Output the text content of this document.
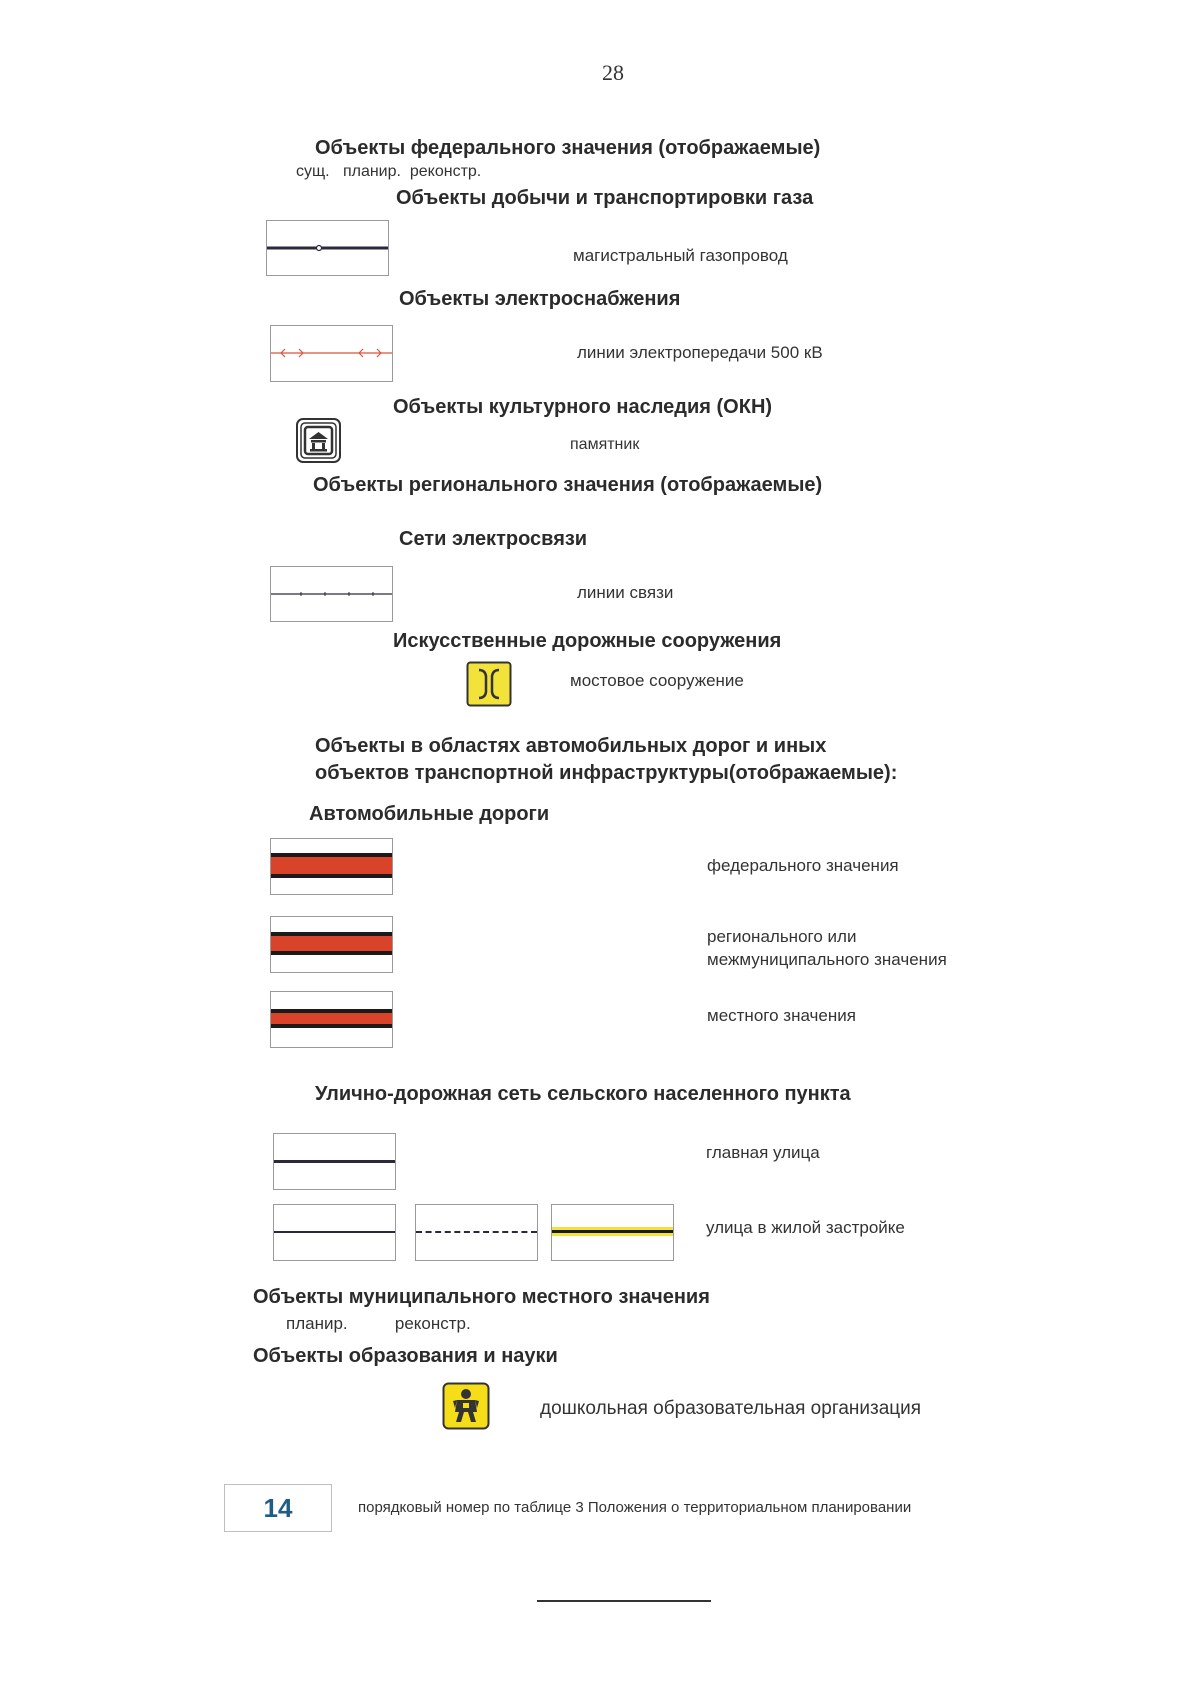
28
Объекты федерального значения (отображаемые)
сущ.   планир.  реконстр.
Объекты добычи и транспортировки газа
магистральный газопровод
Объекты электроснабжения
линии электропередачи 500 кВ
Объекты культурного наследия (ОКН)
памятник
Объекты регионального значения (отображаемые)
Сети электросвязи
линии связи
Искусственные дорожные сооружения
мостовое сооружение
Объекты в областях автомобильных дорог и иных
объектов транспортной инфраструктуры(отображаемые):
Автомобильные дороги
федерального значения
регионального или
межмуниципального значения
местного значения
Улично-дорожная сеть сельского населенного пункта
главная улица
улица в жилой застройке
Объекты муниципального местного значения
планир.          реконстр.
Объекты образования и науки
дошкольная образовательная организация
14	порядковый номер по таблице 3 Положения о территориальном планировании
